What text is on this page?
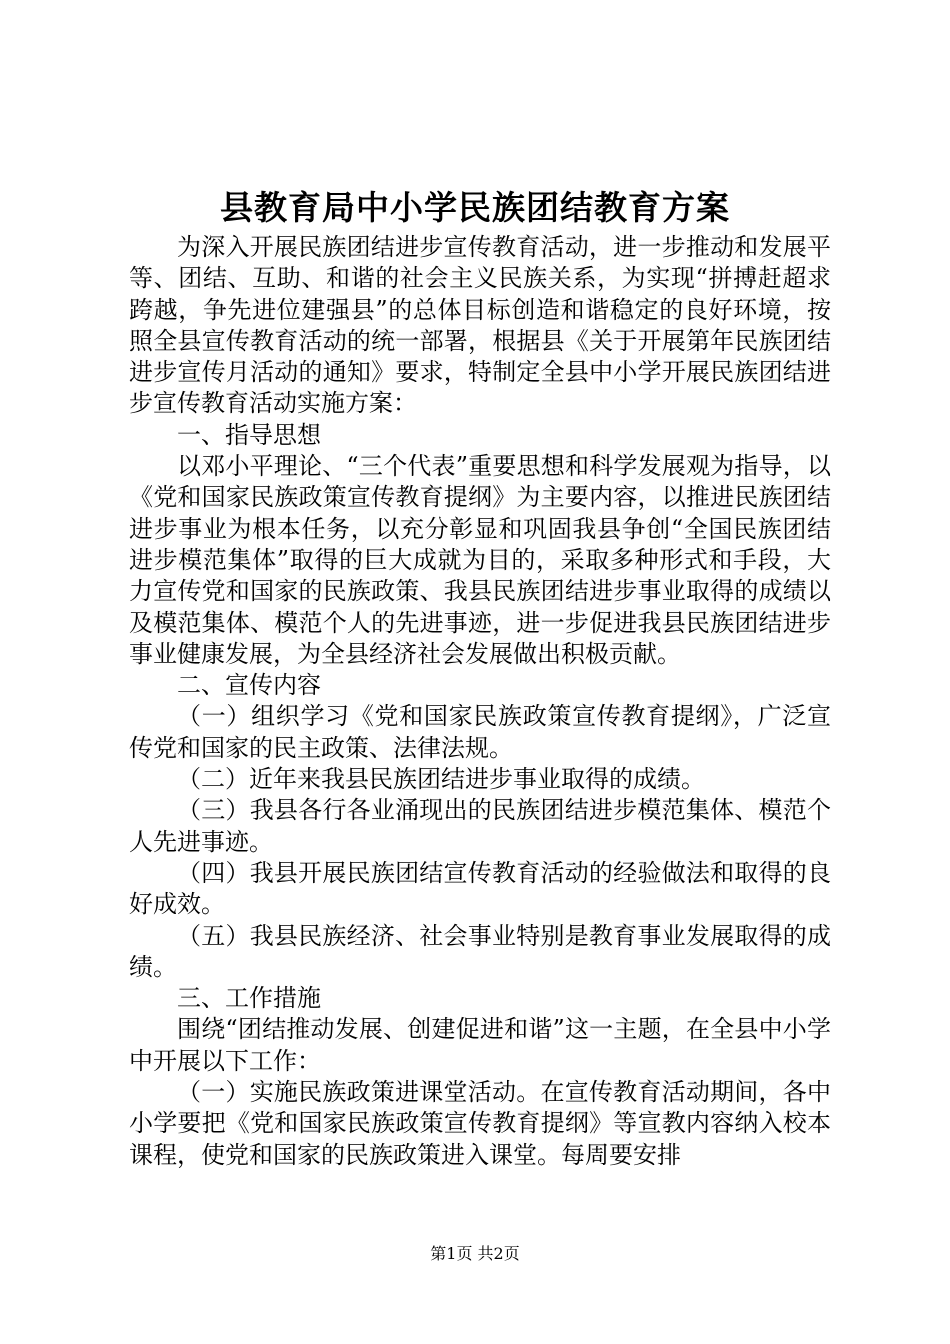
县教育局中小学民族团结教育方案

为深入开展民族团结进步宣传教育活动，进一步推动和发展平等、团结、互助、和谐的社会主义民族关系，为实现“拼搏赶超求跨越，争先进位建强县”的总体目标创造和谐稳定的良好环境，按照全县宣传教育活动的统一部署，根据县《关于开展第年民族团结进步宣传月活动的通知》要求，特制定全县中小学开展民族团结进步宣传教育活动实施方案：

一、指导思想

以邓小平理论、“三个代表”重要思想和科学发展观为指导，以《党和国家民族政策宣传教育提纲》为主要内容，以推进民族团结进步事业为根本任务，以充分彰显和巩固我县争创“全国民族团结进步模范集体”取得的巨大成就为目的，采取多种形式和手段，大力宣传党和国家的民族政策、我县民族团结进步事业取得的成绩以及模范集体、模范个人的先进事迹，进一步促进我县民族团结进步事业健康发展，为全县经济社会发展做出积极贡献。

二、宣传内容

（一）组织学习《党和国家民族政策宣传教育提纲》，广泛宣传党和国家的民主政策、法律法规。

（二）近年来我县民族团结进步事业取得的成绩。

（三）我县各行各业涌现出的民族团结进步模范集体、模范个人先进事迹。

（四）我县开展民族团结宣传教育活动的经验做法和取得的良好成效。

（五）我县民族经济、社会事业特别是教育事业发展取得的成绩。

三、工作措施

围绕“团结推动发展、创建促进和谐”这一主题，在全县中小学中开展以下工作：

（一）实施民族政策进课堂活动。在宣传教育活动期间，各中小学要把《党和国家民族政策宣传教育提纲》等宣教内容纳入校本课程，使党和国家的民族政策进入课堂。每周要安排

第1页 共2页
